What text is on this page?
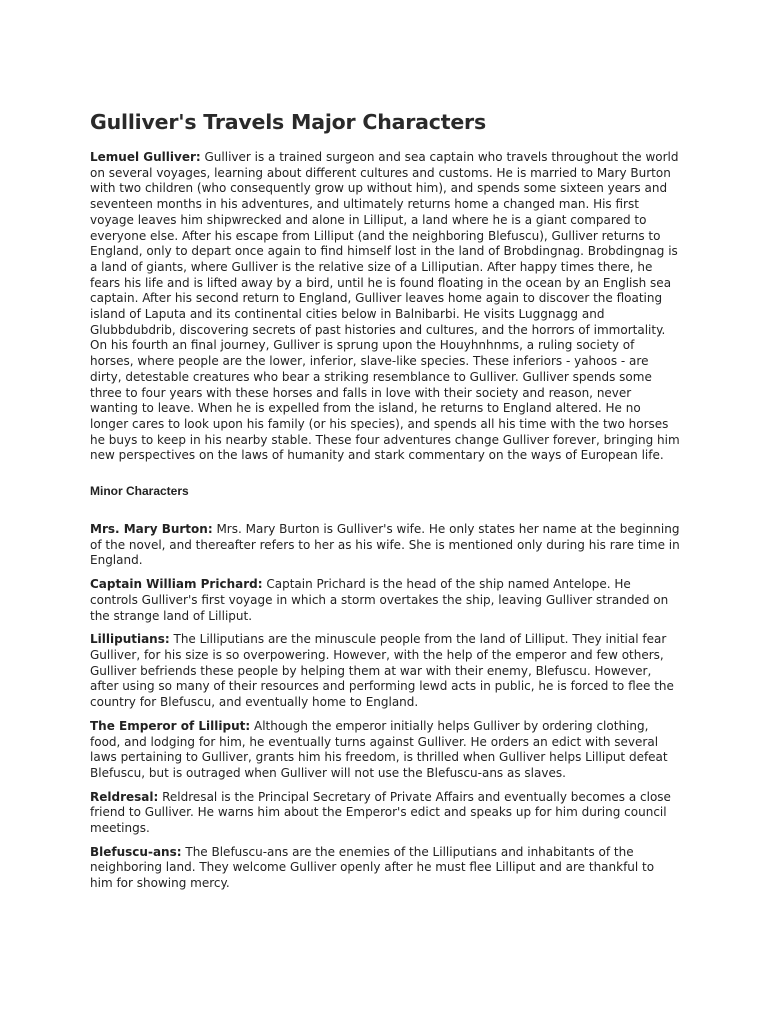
Gulliver's Travels Major Characters

Lemuel Gulliver: Gulliver is a trained surgeon and sea captain who travels throughout the world on several voyages, learning about different cultures and customs. He is married to Mary Burton with two children (who consequently grow up without him), and spends some sixteen years and seventeen months in his adventures, and ultimately returns home a changed man. His first voyage leaves him shipwrecked and alone in Lilliput, a land where he is a giant compared to everyone else. After his escape from Lilliput (and the neighboring Blefuscu), Gulliver returns to England, only to depart once again to find himself lost in the land of Brobdingnag. Brobdingnag is a land of giants, where Gulliver is the relative size of a Lilliputian. After happy times there, he fears his life and is lifted away by a bird, until he is found floating in the ocean by an English sea captain. After his second return to England, Gulliver leaves home again to discover the floating island of Laputa and its continental cities below in Balnibarbi. He visits Luggnagg and Glubbdubdrib, discovering secrets of past histories and cultures, and the horrors of immortality. On his fourth an final journey, Gulliver is sprung upon the Houyhnhnms, a ruling society of horses, where people are the lower, inferior, slave-like species. These inferiors - yahoos - are dirty, detestable creatures who bear a striking resemblance to Gulliver. Gulliver spends some three to four years with these horses and falls in love with their society and reason, never wanting to leave. When he is expelled from the island, he returns to England altered. He no longer cares to look upon his family (or his species), and spends all his time with the two horses he buys to keep in his nearby stable. These four adventures change Gulliver forever, bringing him new perspectives on the laws of humanity and stark commentary on the ways of European life.

Minor Characters

Mrs. Mary Burton: Mrs. Mary Burton is Gulliver's wife. He only states her name at the beginning of the novel, and thereafter refers to her as his wife. She is mentioned only during his rare time in England.

Captain William Prichard: Captain Prichard is the head of the ship named Antelope. He controls Gulliver's first voyage in which a storm overtakes the ship, leaving Gulliver stranded on the strange land of Lilliput.

Lilliputians: The Lilliputians are the minuscule people from the land of Lilliput. They initial fear Gulliver, for his size is so overpowering. However, with the help of the emperor and few others, Gulliver befriends these people by helping them at war with their enemy, Blefuscu. However, after using so many of their resources and performing lewd acts in public, he is forced to flee the country for Blefuscu, and eventually home to England.

The Emperor of Lilliput: Although the emperor initially helps Gulliver by ordering clothing, food, and lodging for him, he eventually turns against Gulliver. He orders an edict with several laws pertaining to Gulliver, grants him his freedom, is thrilled when Gulliver helps Lilliput defeat Blefuscu, but is outraged when Gulliver will not use the Blefuscu-ans as slaves.

Reldresal: Reldresal is the Principal Secretary of Private Affairs and eventually becomes a close friend to Gulliver. He warns him about the Emperor's edict and speaks up for him during council meetings.

Blefuscu-ans: The Blefuscu-ans are the enemies of the Lilliputians and inhabitants of the neighboring land. They welcome Gulliver openly after he must flee Lilliput and are thankful to him for showing mercy.
